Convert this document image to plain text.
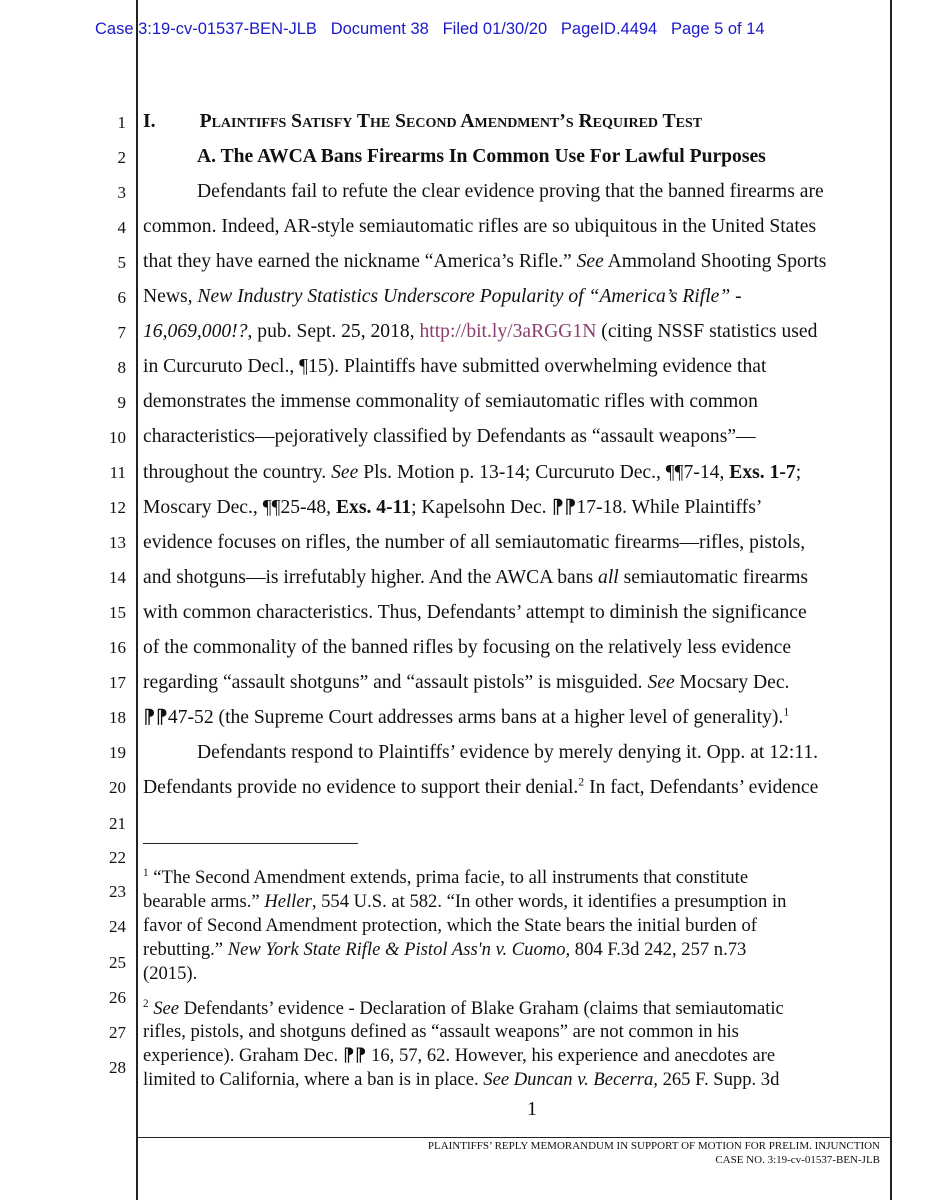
Case 3:19-cv-01537-BEN-JLB   Document 38   Filed 01/30/20   PageID.4494   Page 5 of 14
1
2
3
4
5
6
7
8
9
10
11
12
13
14
15
16
17
18
19
20
21
22
23
24
25
26
27
28
I.   Plaintiffs Satisfy The Second Amendment’s Required Test
A. The AWCA Bans Firearms In Common Use For Lawful Purposes
Defendants fail to refute the clear evidence proving that the banned firearms are
common. Indeed, AR-style semiautomatic rifles are so ubiquitous in the United States
that they have earned the nickname “America’s Rifle.” See Ammoland Shooting Sports
News, New Industry Statistics Underscore Popularity of “America’s Rifle” -
16,069,000!?, pub. Sept. 25, 2018, http://bit.ly/3aRGG1N (citing NSSF statistics used
in Curcuruto Decl., ¶15). Plaintiffs have submitted overwhelming evidence that
demonstrates the immense commonality of semiautomatic rifles with common
characteristics—pejoratively classified by Defendants as “assault weapons”—
throughout the country. See Pls. Motion p. 13-14; Curcuruto Dec., ¶¶7-14, Exs. 1-7;
Moscary Dec., ¶¶25-48, Exs. 4-11; Kapelsohn Dec. ⁋⁋17-18. While Plaintiffs’
evidence focuses on rifles, the number of all semiautomatic firearms—rifles, pistols,
and shotguns—is irrefutably higher. And the AWCA bans all semiautomatic firearms
with common characteristics. Thus, Defendants’ attempt to diminish the significance
of the commonality of the banned rifles by focusing on the relatively less evidence
regarding “assault shotguns” and “assault pistols” is misguided. See Mocsary Dec.
⁋⁋47-52 (the Supreme Court addresses arms bans at a higher level of generality).$^1$
Defendants respond to Plaintiffs’ evidence by merely denying it. Opp. at 12:11.
Defendants provide no evidence to support their denial.$^2$ In fact, Defendants’ evidence
$^1$ “The Second Amendment extends, prima facie, to all instruments that constitute
bearable arms.” Heller, 554 U.S. at 582. “In other words, it identifies a presumption in
favor of Second Amendment protection, which the State bears the initial burden of
rebutting.” New York State Rifle & Pistol Ass'n v. Cuomo, 804 F.3d 242, 257 n.73
(2015).
$^2$ See Defendants’ evidence - Declaration of Blake Graham (claims that semiautomatic
rifles, pistols, and shotguns defined as “assault weapons” are not common in his
experience). Graham Dec. ⁋⁋ 16, 57, 62. However, his experience and anecdotes are
limited to California, where a ban is in place. See Duncan v. Becerra, 265 F. Supp. 3d
1
PLAINTIFFS’ REPLY MEMORANDUM IN SUPPORT OF MOTION FOR PRELIM. INJUNCTION
CASE NO. 3:19-cv-01537-BEN-JLB
